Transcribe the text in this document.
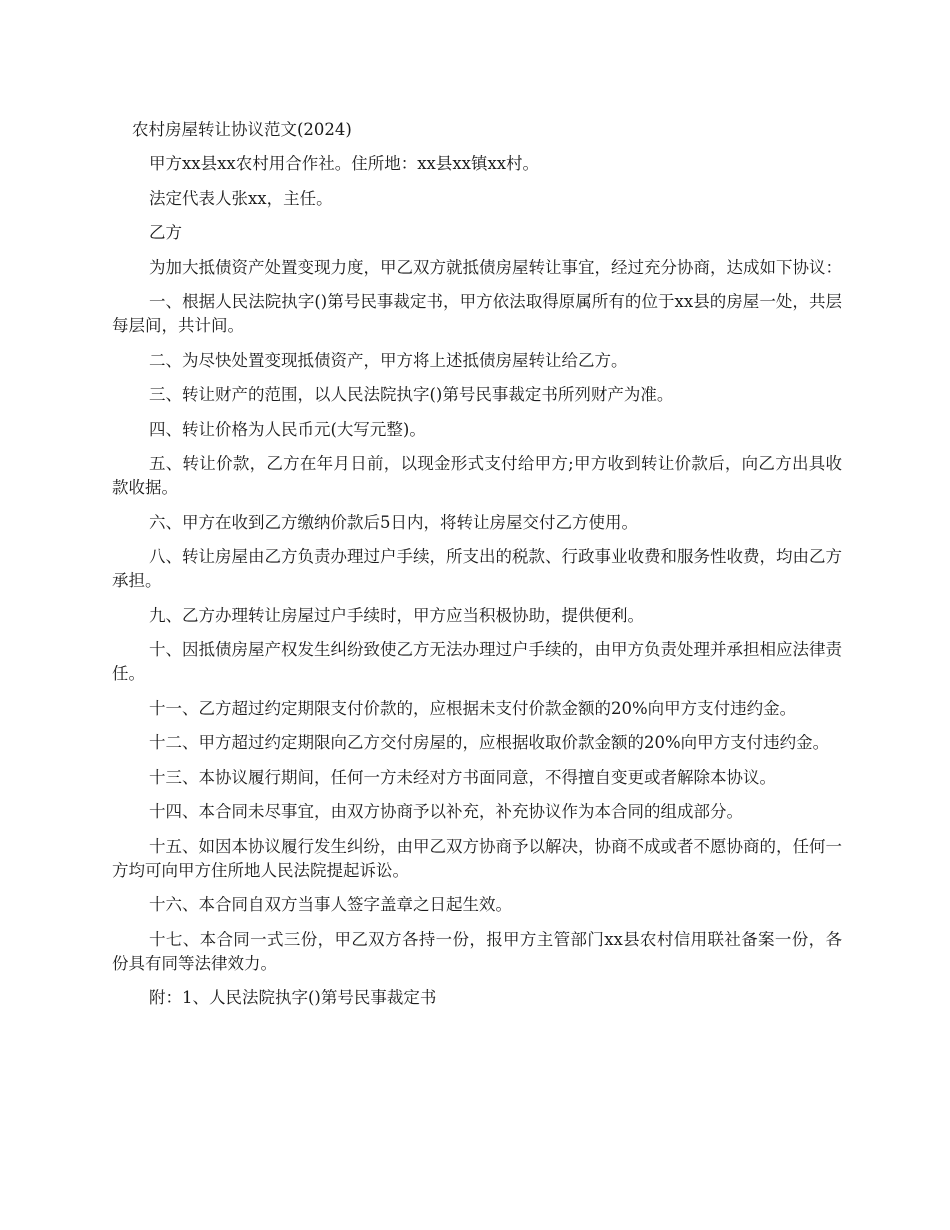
农村房屋转让协议范文(2024)

甲方xx县xx农村用合作社。住所地：xx县xx镇xx村。

法定代表人张xx，主任。

乙方

为加大抵债资产处置变现力度，甲乙双方就抵债房屋转让事宜，经过充分协商，达成如下协议：

一、根据人民法院执字()第号民事裁定书，甲方依法取得原属所有的位于xx县的房屋一处，共层每层间，共计间。

二、为尽快处置变现抵债资产，甲方将上述抵债房屋转让给乙方。

三、转让财产的范围，以人民法院执字()第号民事裁定书所列财产为准。

四、转让价格为人民币元(大写元整)。

五、转让价款，乙方在年月日前，以现金形式支付给甲方;甲方收到转让价款后，向乙方出具收款收据。

六、甲方在收到乙方缴纳价款后5日内，将转让房屋交付乙方使用。

八、转让房屋由乙方负责办理过户手续，所支出的税款、行政事业收费和服务性收费，均由乙方承担。

九、乙方办理转让房屋过户手续时，甲方应当积极协助，提供便利。

十、因抵债房屋产权发生纠纷致使乙方无法办理过户手续的，由甲方负责处理并承担相应法律责任。

十一、乙方超过约定期限支付价款的，应根据未支付价款金额的20%向甲方支付违约金。

十二、甲方超过约定期限向乙方交付房屋的，应根据收取价款金额的20%向甲方支付违约金。

十三、本协议履行期间，任何一方未经对方书面同意，不得擅自变更或者解除本协议。

十四、本合同未尽事宜，由双方协商予以补充，补充协议作为本合同的组成部分。

十五、如因本协议履行发生纠纷，由甲乙双方协商予以解决，协商不成或者不愿协商的，任何一方均可向甲方住所地人民法院提起诉讼。

十六、本合同自双方当事人签字盖章之日起生效。

十七、本合同一式三份，甲乙双方各持一份，报甲方主管部门xx县农村信用联社备案一份，各份具有同等法律效力。

附：1、人民法院执字()第号民事裁定书
